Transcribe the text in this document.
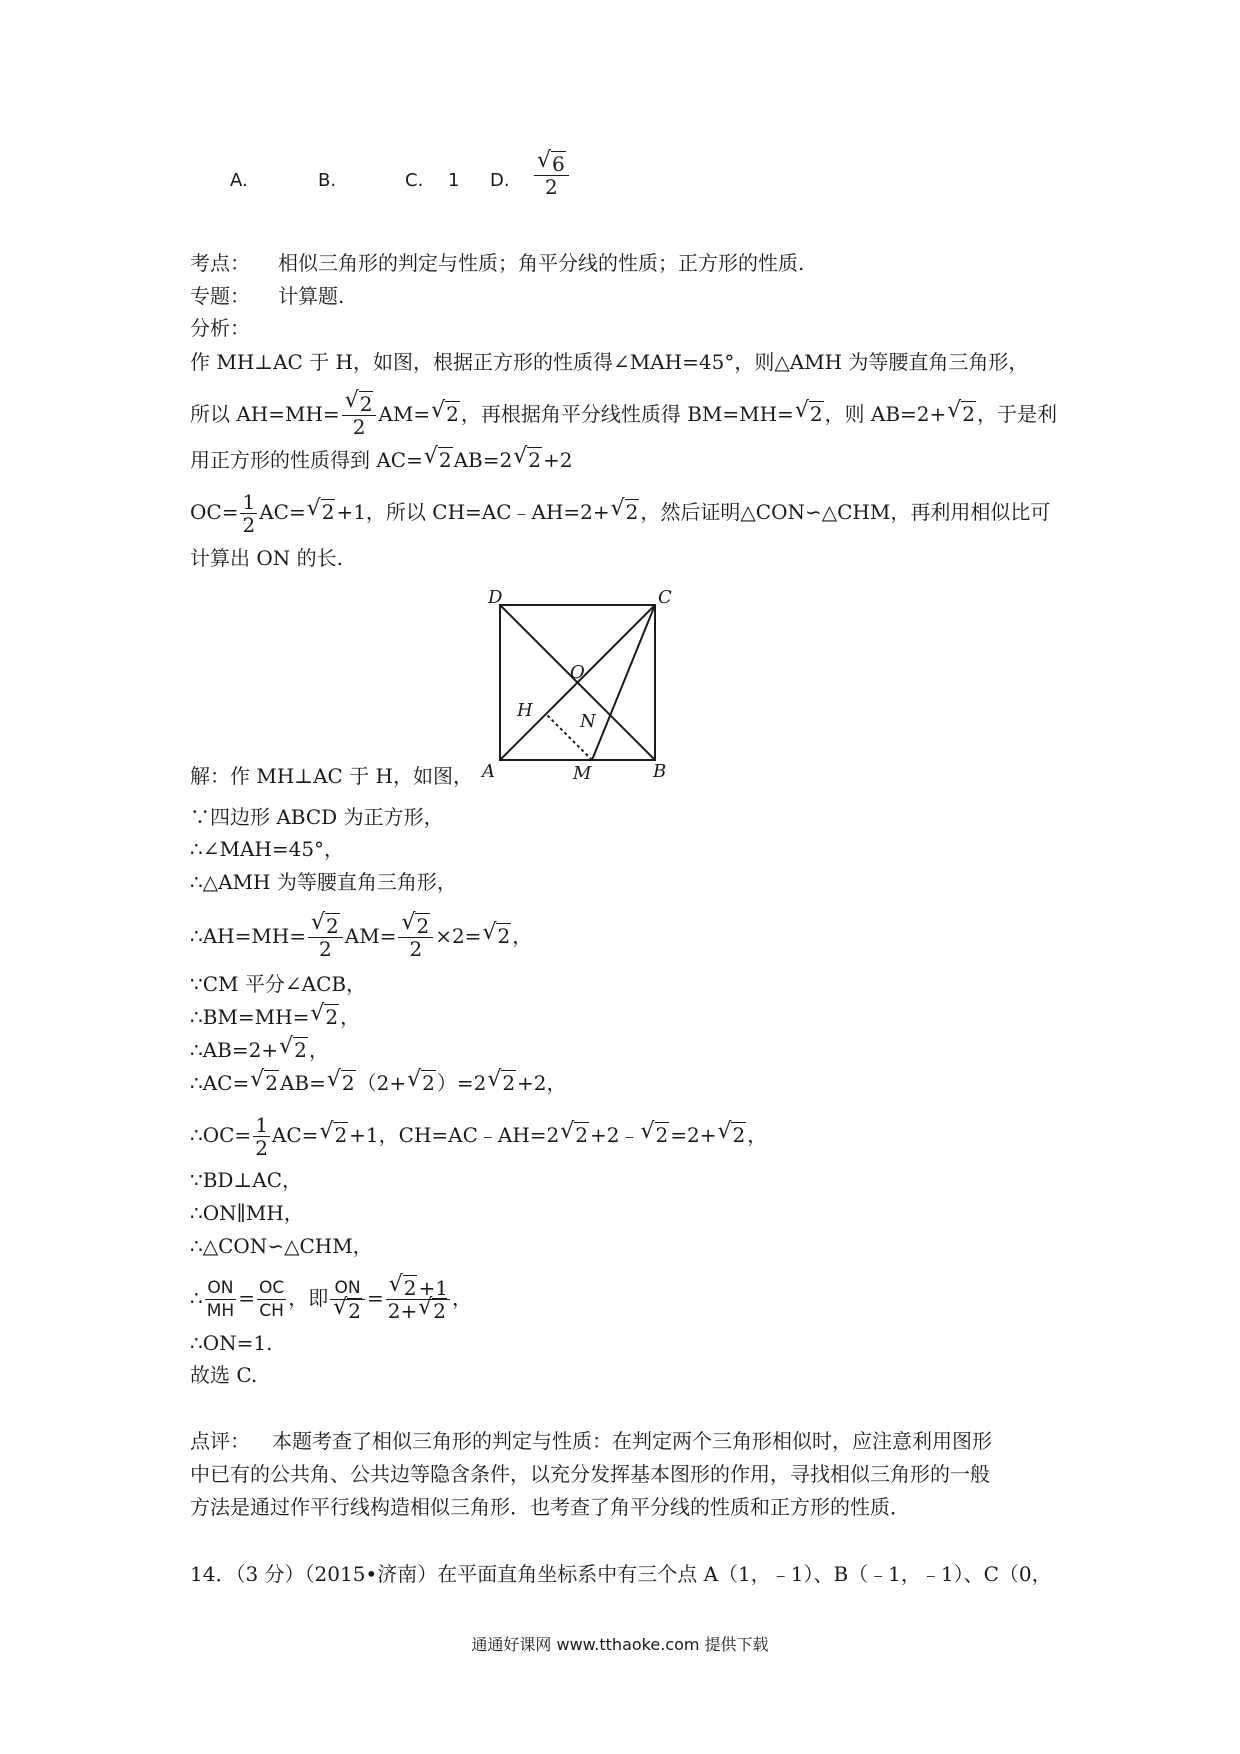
A.	B.	C. 1 D.
√ $\frac{6}{2}$
考点： 相似三角形的判定与性质；角平分线的性质；正方形的性质.
专题： 计算题.
分析：
作 MH⊥AC 于 H，如图，根据正方形的性质得∠MAH=45°，则△AMH 为等腰直角三角形，
所以 AH=MH=
√ $\frac{2}{2} AM=√$ 2 ，再根据角平分线性质得 BM=MH=√ 2 ，则 AB=2+√ 2 ，于是利
用正方形的性质得到 AC=√ 2 AB=2√ 2 +2
$OC= \frac{1}{2} AC=√$ 2 +1，所以 CH=AC﹣AH=2+√ 2 ，然后证明△CON∽△CHM，再利用相似比可
计算出 ON 的长.
D	C
O
H
N
A	M	B
解：作 MH⊥AC 于 H，如图，
∵四边形 ABCD 为正方形，
∴∠MAH=45°，
∴△AMH 为等腰直角三角形，
∴AH=MH=
√ $\frac{2}{2} AM=$
√ $\frac{2}{2} \times 2=√$ 2 ，
∵CM 平分∠ACB，
∴BM=MH=√ 2 ，
∴AB=2+√ 2 ，
∴AC=√ 2 AB=√ 2 （2+√ 2 ）=2√ 2 +2，
∴OC= $\frac{1}{2} AC=√$ 2 +1，CH=AC﹣AH=2√ 2 +2﹣√ 2 =2+√ 2 ，
∵BD⊥AC，
∴ON∥MH，
∴△CON∽△CHM，
∴ $\frac{ON}{MH} = \frac{OC}{CH}$ ，即 ON
√ 2 =
√ $\frac{2 +1}{2+√ 2}$ ，
∴ON=1.
故选 C.
点评： 本题考查了相似三角形的判定与性质：在判定两个三角形相似时，应注意利用图形
中已有的公共角、公共边等隐含条件，以充分发挥基本图形的作用，寻找相似三角形的一般
方法是通过作平行线构造相似三角形．也考查了角平分线的性质和正方形的性质．
14．（3 分）（2015•济南）在平面直角坐标系中有三个点 A（1，﹣1）、B（﹣1，﹣1）、C（0，
通通好课网 www.tthaoke.com 提供下载
